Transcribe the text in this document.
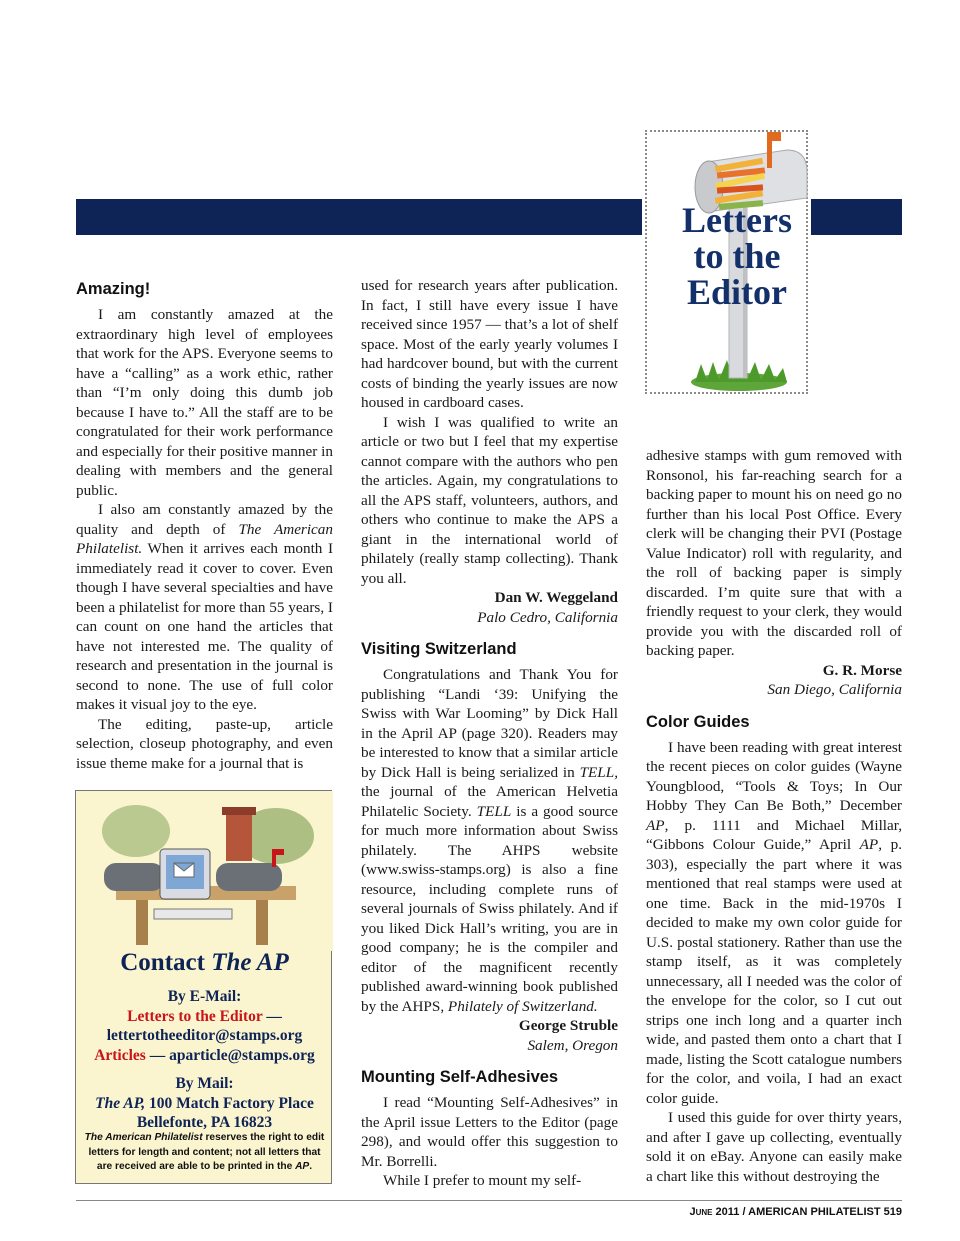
Amazing!

I am constantly amazed at the extraordinary high level of employees that work for the APS. Everyone seems to have a “calling” as a work ethic, rather than “I’m only doing this dumb job because I have to.” All the staff are to be congratulated for their work performance and especially for their positive manner in dealing with members and the general public.

I also am constantly amazed by the quality and depth of The American Philatelist. When it arrives each month I immediately read it cover to cover. Even though I have several specialties and have been a philatelist for more than 55 years, I can count on one hand the articles that have not interested me. The quality of research and presentation in the journal is second to none. The use of full color makes it visual joy to the eye.

The editing, paste-up, article selection, closeup photography, and even issue theme make for a journal that is

Contact The AP
By E-Mail:
Letters to the Editor —
lettertotheeditor@stamps.org
Articles — aparticle@stamps.org
By Mail:
The AP, 100 Match Factory Place
Bellefonte, PA 16823
The American Philatelist reserves the right to edit letters for length and content; not all letters that are received are able to be printed in the AP.

used for research years after publication. In fact, I still have every issue I have received since 1957 — that’s a lot of shelf space. Most of the early yearly volumes I had hardcover bound, but with the current costs of binding the yearly issues are now housed in cardboard cases.

I wish I was qualified to write an article or two but I feel that my expertise cannot compare with the authors who pen the articles. Again, my congratulations to all the APS staff, volunteers, authors, and others who continue to make the APS a giant in the international world of philately (really stamp collecting). Thank you all.

Dan W. Weggeland
Palo Cedro, California
Visiting Switzerland

Congratulations and Thank You for publishing “Landi ‘39: Unifying the Swiss with War Looming” by Dick Hall in the April AP (page 320). Readers may be interested to know that a similar article by Dick Hall is being serialized in TELL, the journal of the American Helvetia Philatelic Society. TELL is a good source for much more information about Swiss philately. The AHPS website (www.swiss-stamps.org) is also a fine resource, including complete runs of several journals of Swiss philately. And if you liked Dick Hall’s writing, you are in good company; he is the compiler and editor of the magnificent recently published award-winning book published by the AHPS, Philately of Switzerland.

George Struble
Salem, Oregon
Mounting Self-Adhesives

I read “Mounting Self-Adhesives” in the April issue Letters to the Editor (page 298), and would offer this suggestion to Mr. Borrelli.

While I prefer to mount my self-

Letters
to the
Editor

adhesive stamps with gum removed with Ronsonol, his far-reaching search for a backing paper to mount his on need go no further than his local Post Office. Every clerk will be changing their PVI (Postage Value Indicator) roll with regularity, and the roll of backing paper is simply discarded. I’m quite sure that with a friendly request to your clerk, they would provide you with the discarded roll of backing paper.

G. R. Morse
San Diego, California
Color Guides

I have been reading with great interest the recent pieces on color guides (Wayne Youngblood, “Tools & Toys; In Our Hobby They Can Be Both,” December AP, p. 1111 and Michael Millar, “Gibbons Colour Guide,” April AP, p. 303), especially the part where it was mentioned that real stamps were used at one time. Back in the mid-1970s I decided to make my own color guide for U.S. postal stationery. Rather than use the stamp itself, as it was completely unnecessary, all I needed was the color of the envelope for the color, so I cut out strips one inch long and a quarter inch wide, and pasted them onto a chart that I made, listing the Scott catalogue numbers for the color, and voila, I had an exact color guide.

I used this guide for over thirty years, and after I gave up collecting, eventually sold it on eBay. Anyone can easily make a chart like this without destroying the

June 2011 / AMERICAN PHILATELIST 519
